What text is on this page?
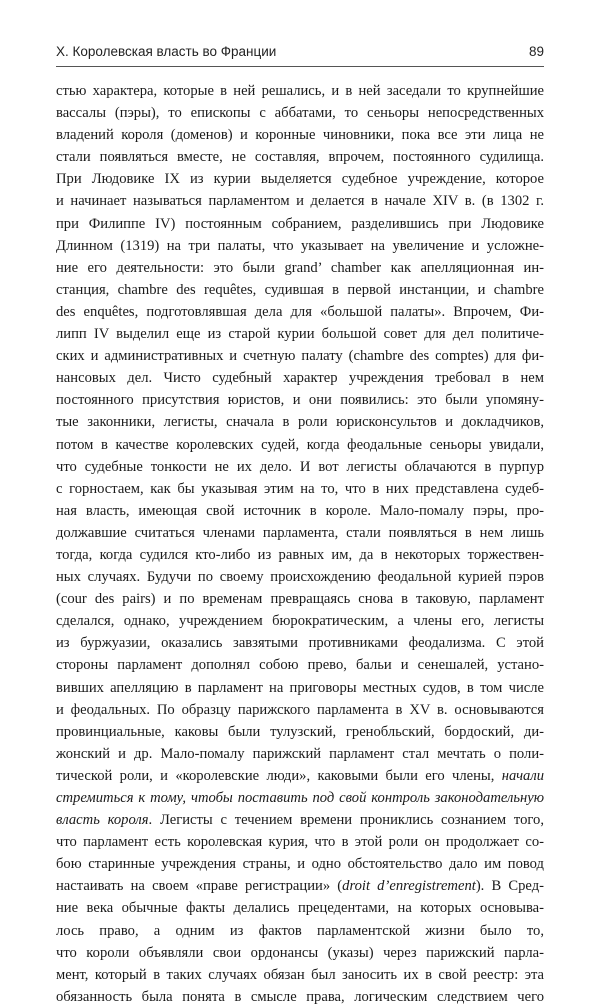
X. Королевская власть во Франции	89
стью характера, которые в ней решались, и в ней заседали то крупнейшие
вассалы (пэры), то епископы с аббатами, то сеньоры непосредственных
владений короля (доменов) и коронные чиновники, пока все эти лица не
стали появляться вместе, не составляя, впрочем, постоянного судилища.
При Людовике IX из курии выделяется судебное учреждение, которое
и начинает называться парламентом и делается в начале XIV в. (в 1302 г.
при Филиппе IV) постоянным собранием, разделившись при Людовике
Длинном (1319) на три палаты, что указывает на увеличение и усложне-
ние его деятельности: это были grand’ chamber как апелляционная ин-
станция, chambre des requêtes, судившая в первой инстанции, и chambre
des enquêtes, подготовлявшая дела для «большой палаты». Впрочем, Фи-
липп IV выделил еще из старой курии большой совет для дел политиче-
ских и административных и счетную палату (chambre des comptes) для фи-
нансовых дел. Чисто судебный характер учреждения требовал в нем
постоянного присутствия юристов, и они появились: это были упомяну-
тые законники, легисты, сначала в роли юрисконсультов и докладчиков,
потом в качестве королевских судей, когда феодальные сеньоры увидали,
что судебные тонкости не их дело. И вот легисты облачаются в пурпур
с горностаем, как бы указывая этим на то, что в них представлена судеб-
ная власть, имеющая свой источник в короле. Мало-помалу пэры, про-
должавшие считаться членами парламента, стали появляться в нем лишь
тогда, когда судился кто-либо из равных им, да в некоторых торжествен-
ных случаях. Будучи по своему происхождению феодальной курией пэров
(cour des pairs) и по временам превращаясь снова в таковую, парламент
сделался, однако, учреждением бюрократическим, а члены его, легисты
из буржуазии, оказались завзятыми противниками феодализма. С этой
стороны парламент дополнял собою прево, бальи и сенешалей, устано-
вивших апелляцию в парламент на приговоры местных судов, в том числе
и феодальных. По образцу парижского парламента в XV в. основываются
провинциальные, каковы были тулузский, гренобльский, бордоский, ди-
жонский и др. Мало-помалу парижский парламент стал мечтать о поли-
тической роли, и «королевские люди», каковыми были его члены, начали
стремиться к тому, чтобы поставить под свой контроль законодательную
власть короля. Легисты с течением времени прониклись сознанием того,
что парламент есть королевская курия, что в этой роли он продолжает со-
бою старинные учреждения страны, и одно обстоятельство дало им повод
настаивать на своем «праве регистрации» (droit d’enregistrement). В Сред-
ние века обычные факты делались прецедентами, на которых основыва-
лось право, а одним из фактов парламентской жизни было то,
что короли объявляли свои ордонансы (указы) через парижский парла-
мент, который в таких случаях обязан был заносить их в свой реестр: эта
обязанность была понята в смысле права, логическим следствием чего
